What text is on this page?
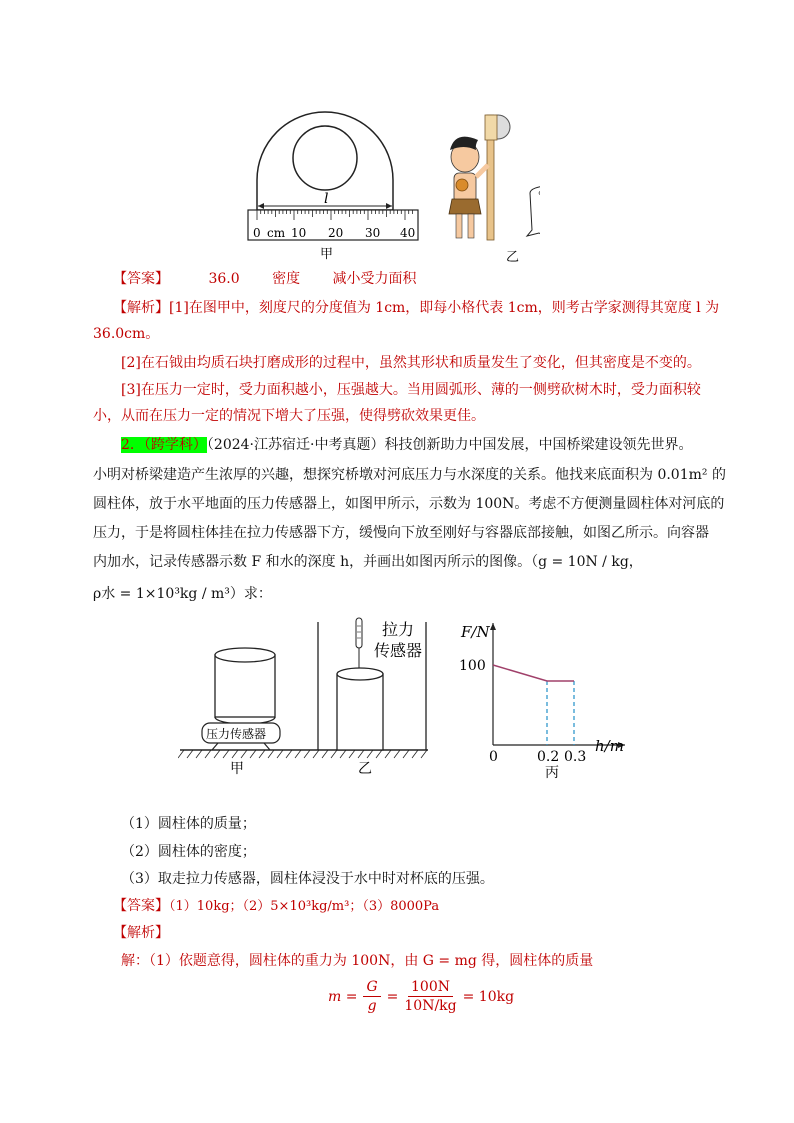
l
0 cm 10 20 30 40
甲	乙
【答案】	36.0 密度 减小受力面积
【解析】[1]在图甲中，刻度尺的分度值为 1cm，即每小格代表 1cm，则考古学家测得其宽度 l 为
36.0cm。
[2]在石钺由均质石块打磨成形的过程中，虽然其形状和质量发生了变化，但其密度是不变的。
[3]在压力一定时，受力面积越小，压强越大。当用圆弧形、薄的一侧劈砍树木时，受力面积较
小，从而在压力一定的情况下增大了压强，使得劈砍效果更佳。
2．（跨学科）（2024·江苏宿迁·中考真题）科技创新助力中国发展，中国桥梁建设领先世界。
小明对桥梁建造产生浓厚的兴趣，想探究桥墩对河底压力与水深度的关系。他找来底面积为 0.01m² 的
圆柱体，放于水平地面的压力传感器上，如图甲所示，示数为 100N。考虑不方便测量圆柱体对河底的
压力，于是将圆柱体挂在拉力传感器下方，缓慢向下放至刚好与容器底部接触，如图乙所示。向容器
内加水，记录传感器示数 F 和水的深度 h，并画出如图丙所示的图像。（g = 10N / kg，
ρ水 = 1×10³kg / m³）求：
压力传感器
甲
拉力
传感器
乙
0	0.2 0.3
100
F/N
h/m
丙
（1）圆柱体的质量；
（2）圆柱体的密度；
（3）取走拉力传感器，圆柱体浸没于水中时对杯底的压强。
【答案】（1）10kg；（2）5×10³kg/m³；（3）8000Pa
【解析】
解：（1）依题意得，圆柱体的重力为 100N，由 G = mg 得，圆柱体的质量
$m = \frac{G}{g} = \frac{100N}{10N/kg} = 10kg$
